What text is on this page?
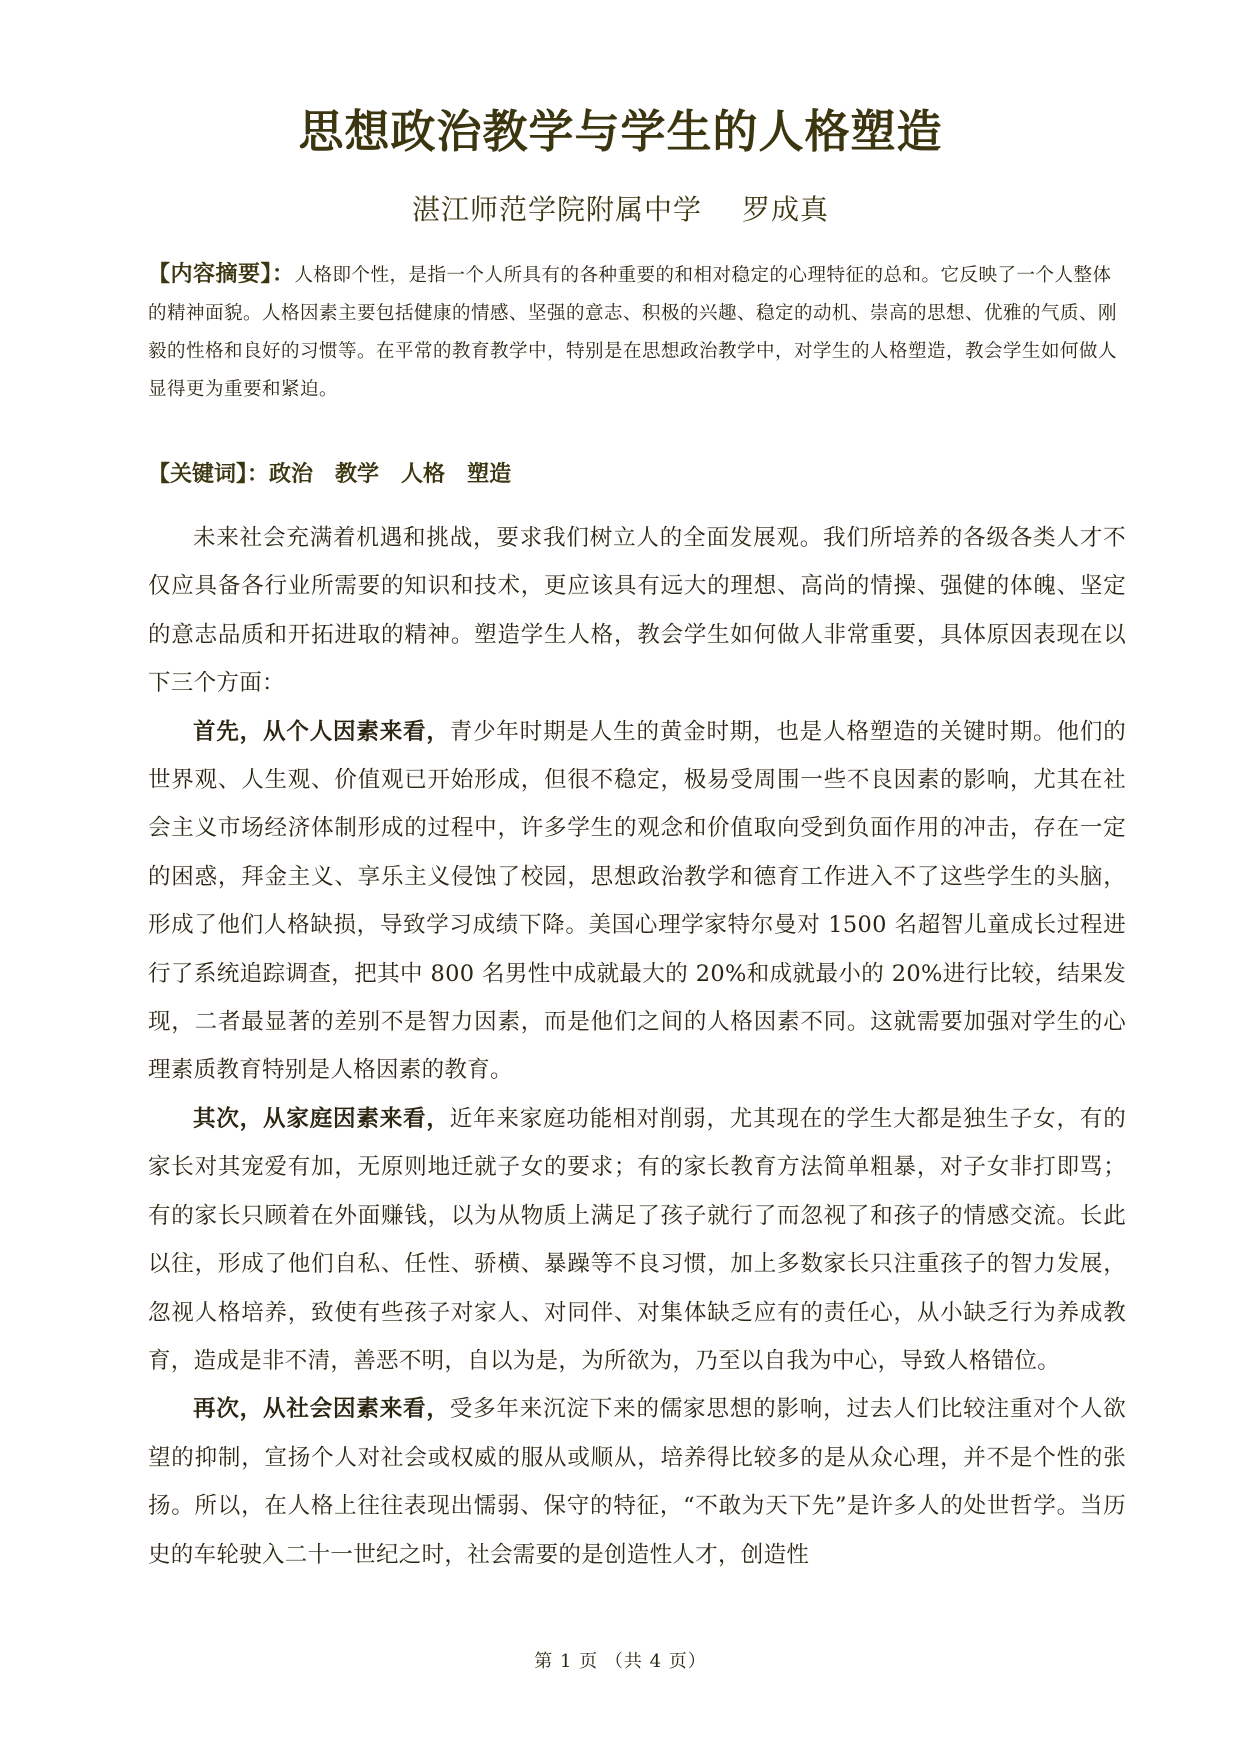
思想政治教学与学生的人格塑造
湛江师范学院附属中学 罗成真
【内容摘要】：人格即个性，是指一个人所具有的各种重要的和相对稳定的心理特征的总和。它反映了一个人整体的精神面貌。人格因素主要包括健康的情感、坚强的意志、积极的兴趣、稳定的动机、崇高的思想、优雅的气质、刚毅的性格和良好的习惯等。在平常的教育教学中，特别是在思想政治教学中，对学生的人格塑造，教会学生如何做人显得更为重要和紧迫。
【关键词】：政治 教学 人格 塑造

未来社会充满着机遇和挑战，要求我们树立人的全面发展观。我们所培养的各级各类人才不仅应具备各行业所需要的知识和技术，更应该具有远大的理想、高尚的情操、强健的体魄、坚定的意志品质和开拓进取的精神。塑造学生人格，教会学生如何做人非常重要，具体原因表现在以下三个方面：

首先，从个人因素来看，青少年时期是人生的黄金时期，也是人格塑造的关键时期。他们的世界观、人生观、价值观已开始形成，但很不稳定，极易受周围一些不良因素的影响，尤其在社会主义市场经济体制形成的过程中，许多学生的观念和价值取向受到负面作用的冲击，存在一定的困惑，拜金主义、享乐主义侵蚀了校园，思想政治教学和德育工作进入不了这些学生的头脑，形成了他们人格缺损，导致学习成绩下降。美国心理学家特尔曼对 1500 名超智儿童成长过程进行了系统追踪调查，把其中 800 名男性中成就最大的 20%和成就最小的 20%进行比较，结果发现，二者最显著的差别不是智力因素，而是他们之间的人格因素不同。这就需要加强对学生的心理素质教育特别是人格因素的教育。

其次，从家庭因素来看，近年来家庭功能相对削弱，尤其现在的学生大都是独生子女，有的家长对其宠爱有加，无原则地迁就子女的要求；有的家长教育方法简单粗暴，对子女非打即骂；有的家长只顾着在外面赚钱，以为从物质上满足了孩子就行了而忽视了和孩子的情感交流。长此以往，形成了他们自私、任性、骄横、暴躁等不良习惯，加上多数家长只注重孩子的智力发展，忽视人格培养，致使有些孩子对家人、对同伴、对集体缺乏应有的责任心，从小缺乏行为养成教育，造成是非不清，善恶不明，自以为是，为所欲为，乃至以自我为中心，导致人格错位。

再次，从社会因素来看，受多年来沉淀下来的儒家思想的影响，过去人们比较注重对个人欲望的抑制，宣扬个人对社会或权威的服从或顺从，培养得比较多的是从众心理，并不是个性的张扬。所以，在人格上往往表现出懦弱、保守的特征，“不敢为天下先”是许多人的处世哲学。当历史的车轮驶入二十一世纪之时，社会需要的是创造性人才，创造性

第 1 页 （共 4 页）
